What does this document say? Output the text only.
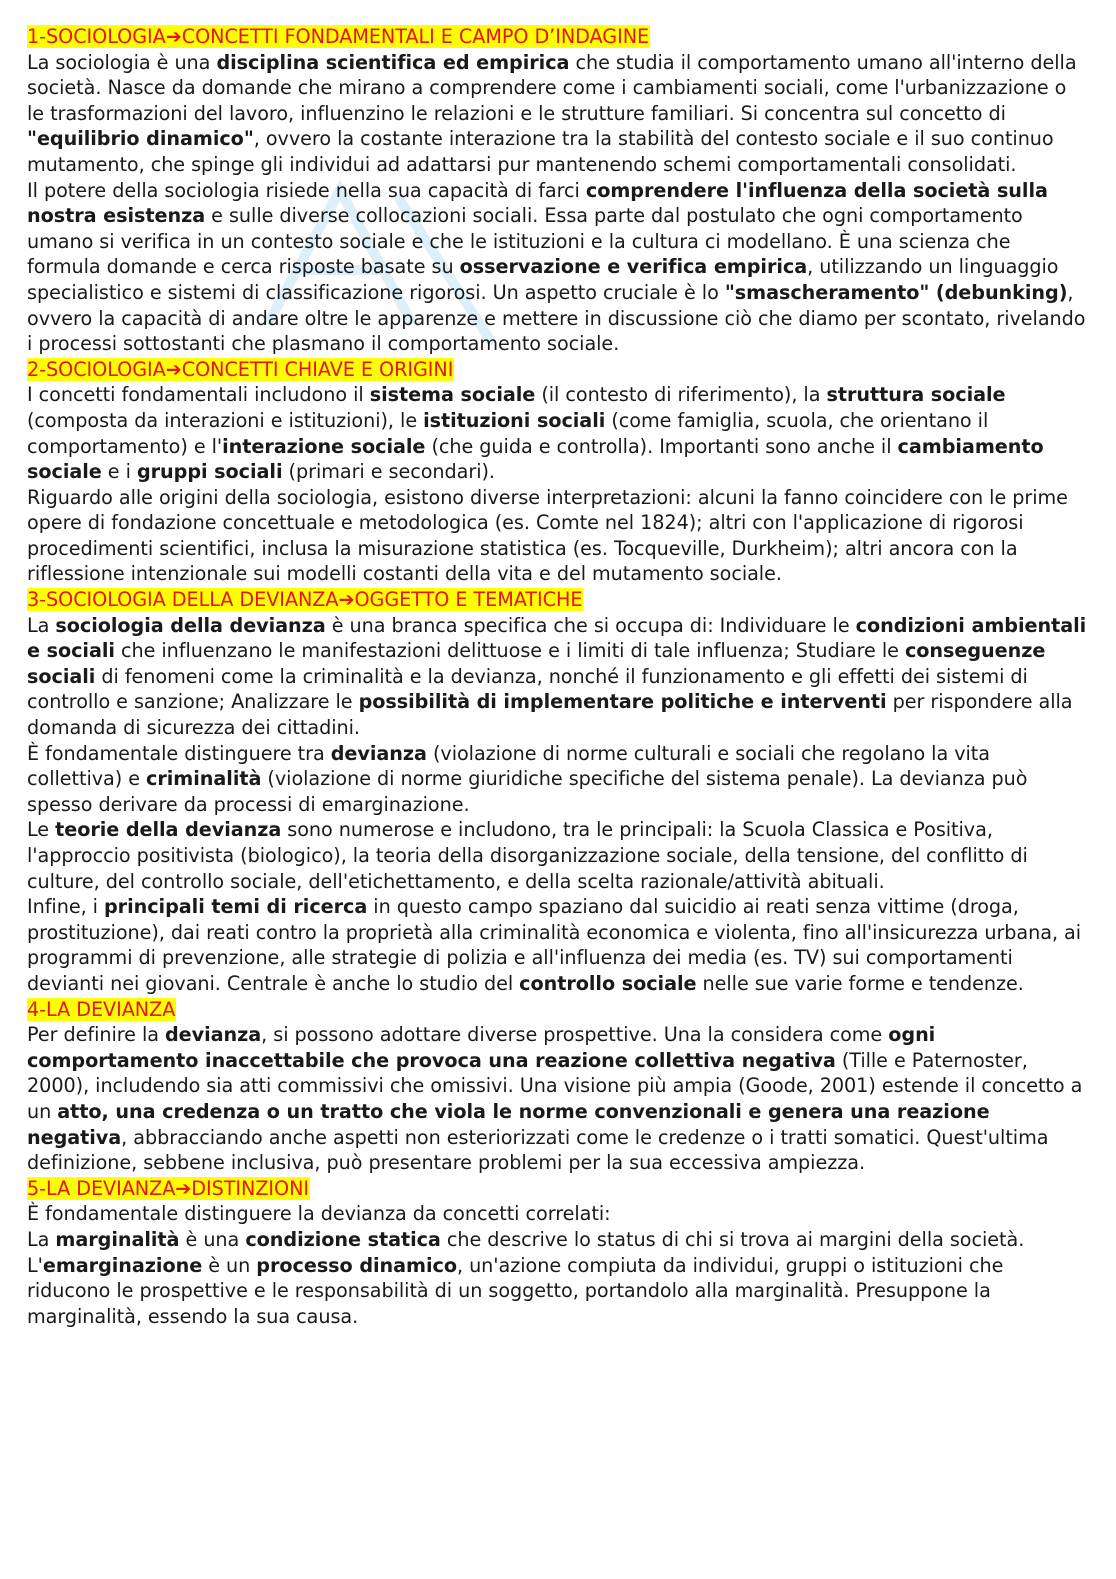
1-SOCIOLOGIA➔CONCETTI FONDAMENTALI E CAMPO D’INDAGINE

La sociologia è una disciplina scientifica ed empirica che studia il comportamento umano all'interno della società. Nasce da domande che mirano a comprendere come i cambiamenti sociali, come l'urbanizzazione o le trasformazioni del lavoro, influenzino le relazioni e le strutture familiari. Si concentra sul concetto di "equilibrio dinamico", ovvero la costante interazione tra la stabilità del contesto sociale e il suo continuo mutamento, che spinge gli individui ad adattarsi pur mantenendo schemi comportamentali consolidati.

Il potere della sociologia risiede nella sua capacità di farci comprendere l'influenza della società sulla nostra esistenza e sulle diverse collocazioni sociali. Essa parte dal postulato che ogni comportamento umano si verifica in un contesto sociale e che le istituzioni e la cultura ci modellano. È una scienza che formula domande e cerca risposte basate su osservazione e verifica empirica, utilizzando un linguaggio specialistico e sistemi di classificazione rigorosi. Un aspetto cruciale è lo "smascheramento" (debunking), ovvero la capacità di andare oltre le apparenze e mettere in discussione ciò che diamo per scontato, rivelando i processi sottostanti che plasmano il comportamento sociale.

2-SOCIOLOGIA➔CONCETTI CHIAVE E ORIGINI

I concetti fondamentali includono il sistema sociale (il contesto di riferimento), la struttura sociale (composta da interazioni e istituzioni), le istituzioni sociali (come famiglia, scuola, che orientano il comportamento) e l'interazione sociale (che guida e controlla). Importanti sono anche il cambiamento sociale e i gruppi sociali (primari e secondari).

Riguardo alle origini della sociologia, esistono diverse interpretazioni: alcuni la fanno coincidere con le prime opere di fondazione concettuale e metodologica (es. Comte nel 1824); altri con l'applicazione di rigorosi procedimenti scientifici, inclusa la misurazione statistica (es. Tocqueville, Durkheim); altri ancora con la riflessione intenzionale sui modelli costanti della vita e del mutamento sociale.

3-SOCIOLOGIA DELLA DEVIANZA➔OGGETTO E TEMATICHE

La sociologia della devianza è una branca specifica che si occupa di: Individuare le condizioni ambientali e sociali che influenzano le manifestazioni delittuose e i limiti di tale influenza; Studiare le conseguenze sociali di fenomeni come la criminalità e la devianza, nonché il funzionamento e gli effetti dei sistemi di controllo e sanzione; Analizzare le possibilità di implementare politiche e interventi per rispondere alla domanda di sicurezza dei cittadini.

È fondamentale distinguere tra devianza (violazione di norme culturali e sociali che regolano la vita collettiva) e criminalità (violazione di norme giuridiche specifiche del sistema penale). La devianza può spesso derivare da processi di emarginazione.

Le teorie della devianza sono numerose e includono, tra le principali: la Scuola Classica e Positiva, l'approccio positivista (biologico), la teoria della disorganizzazione sociale, della tensione, del conflitto di culture, del controllo sociale, dell'etichettamento, e della scelta razionale/attività abituali.

Infine, i principali temi di ricerca in questo campo spaziano dal suicidio ai reati senza vittime (droga, prostituzione), dai reati contro la proprietà alla criminalità economica e violenta, fino all'insicurezza urbana, ai programmi di prevenzione, alle strategie di polizia e all'influenza dei media (es. TV) sui comportamenti devianti nei giovani. Centrale è anche lo studio del controllo sociale nelle sue varie forme e tendenze.

4-LA DEVIANZA

Per definire la devianza, si possono adottare diverse prospettive. Una la considera come ogni comportamento inaccettabile che provoca una reazione collettiva negativa (Tille e Paternoster, 2000), includendo sia atti commissivi che omissivi. Una visione più ampia (Goode, 2001) estende il concetto a un atto, una credenza o un tratto che viola le norme convenzionali e genera una reazione negativa, abbracciando anche aspetti non esteriorizzati come le credenze o i tratti somatici. Quest'ultima definizione, sebbene inclusiva, può presentare problemi per la sua eccessiva ampiezza.

5-LA DEVIANZA➔DISTINZIONI

È fondamentale distinguere la devianza da concetti correlati:

La marginalità è una condizione statica che descrive lo status di chi si trova ai margini della società.

L'emarginazione è un processo dinamico, un'azione compiuta da individui, gruppi o istituzioni che riducono le prospettive e le responsabilità di un soggetto, portandolo alla marginalità. Presuppone la marginalità, essendo la sua causa.
